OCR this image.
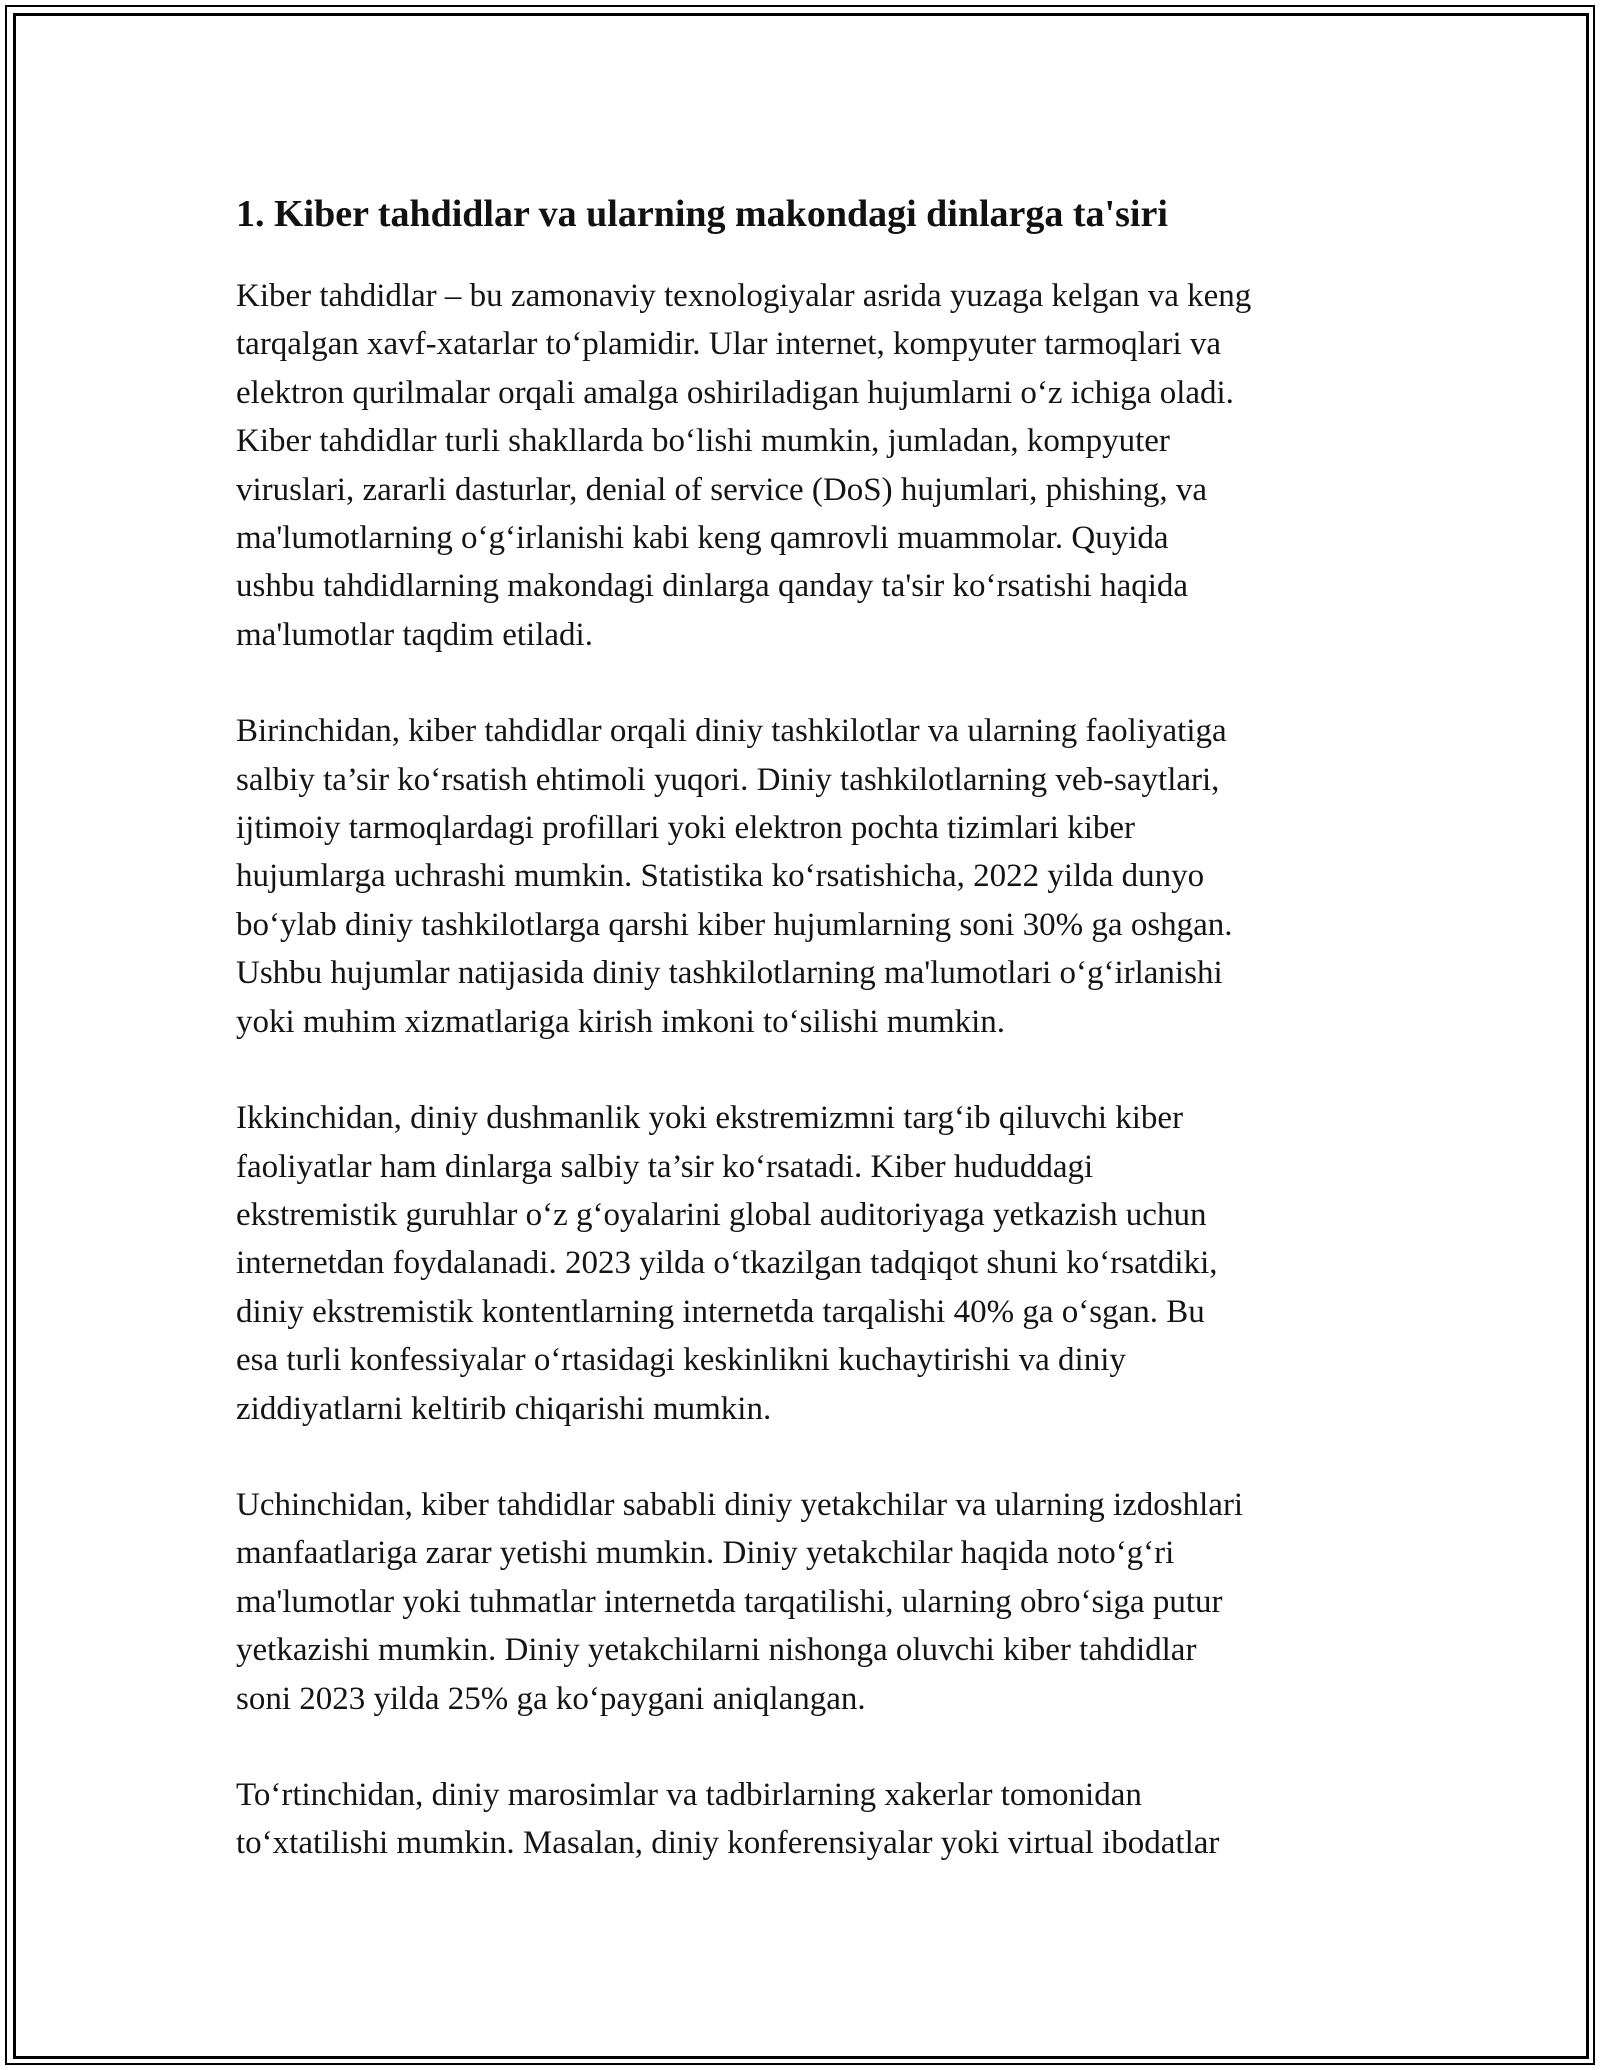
1. Kiber tahdidlar va ularning makondagi dinlarga ta'siri

Kiber tahdidlar – bu zamonaviy texnologiyalar asrida yuzaga kelgan va keng
tarqalgan xavf-xatarlar toʻplamidir. Ular internet, kompyuter tarmoqlari va
elektron qurilmalar orqali amalga oshiriladigan hujumlarni oʻz ichiga oladi.
Kiber tahdidlar turli shakllarda boʻlishi mumkin, jumladan, kompyuter
viruslari, zararli dasturlar, denial of service (DoS) hujumlari, phishing, va
ma'lumotlarning oʻgʻirlanishi kabi keng qamrovli muammolar. Quyida
ushbu tahdidlarning makondagi dinlarga qanday ta'sir koʻrsatishi haqida
ma'lumotlar taqdim etiladi.

Birinchidan, kiber tahdidlar orqali diniy tashkilotlar va ularning faoliyatiga
salbiy ta’sir koʻrsatish ehtimoli yuqori. Diniy tashkilotlarning veb-saytlari,
ijtimoiy tarmoqlardagi profillari yoki elektron pochta tizimlari kiber
hujumlarga uchrashi mumkin. Statistika koʻrsatishicha, 2022 yilda dunyo
boʻylab diniy tashkilotlarga qarshi kiber hujumlarning soni 30% ga oshgan.
Ushbu hujumlar natijasida diniy tashkilotlarning ma'lumotlari oʻgʻirlanishi
yoki muhim xizmatlariga kirish imkoni toʻsilishi mumkin.

Ikkinchidan, diniy dushmanlik yoki ekstremizmni targʻib qiluvchi kiber
faoliyatlar ham dinlarga salbiy ta’sir koʻrsatadi. Kiber hududdagi
ekstremistik guruhlar oʻz gʻoyalarini global auditoriyaga yetkazish uchun
internetdan foydalanadi. 2023 yilda oʻtkazilgan tadqiqot shuni koʻrsatdiki,
diniy ekstremistik kontentlarning internetda tarqalishi 40% ga oʻsgan. Bu
esa turli konfessiyalar oʻrtasidagi keskinlikni kuchaytirishi va diniy
ziddiyatlarni keltirib chiqarishi mumkin.

Uchinchidan, kiber tahdidlar sababli diniy yetakchilar va ularning izdoshlari
manfaatlariga zarar yetishi mumkin. Diniy yetakchilar haqida notoʻgʻri
ma'lumotlar yoki tuhmatlar internetda tarqatilishi, ularning obroʻsiga putur
yetkazishi mumkin. Diniy yetakchilarni nishonga oluvchi kiber tahdidlar
soni 2023 yilda 25% ga koʻpaygani aniqlangan.

Toʻrtinchidan, diniy marosimlar va tadbirlarning xakerlar tomonidan
toʻxtatilishi mumkin. Masalan, diniy konferensiyalar yoki virtual ibodatlar
